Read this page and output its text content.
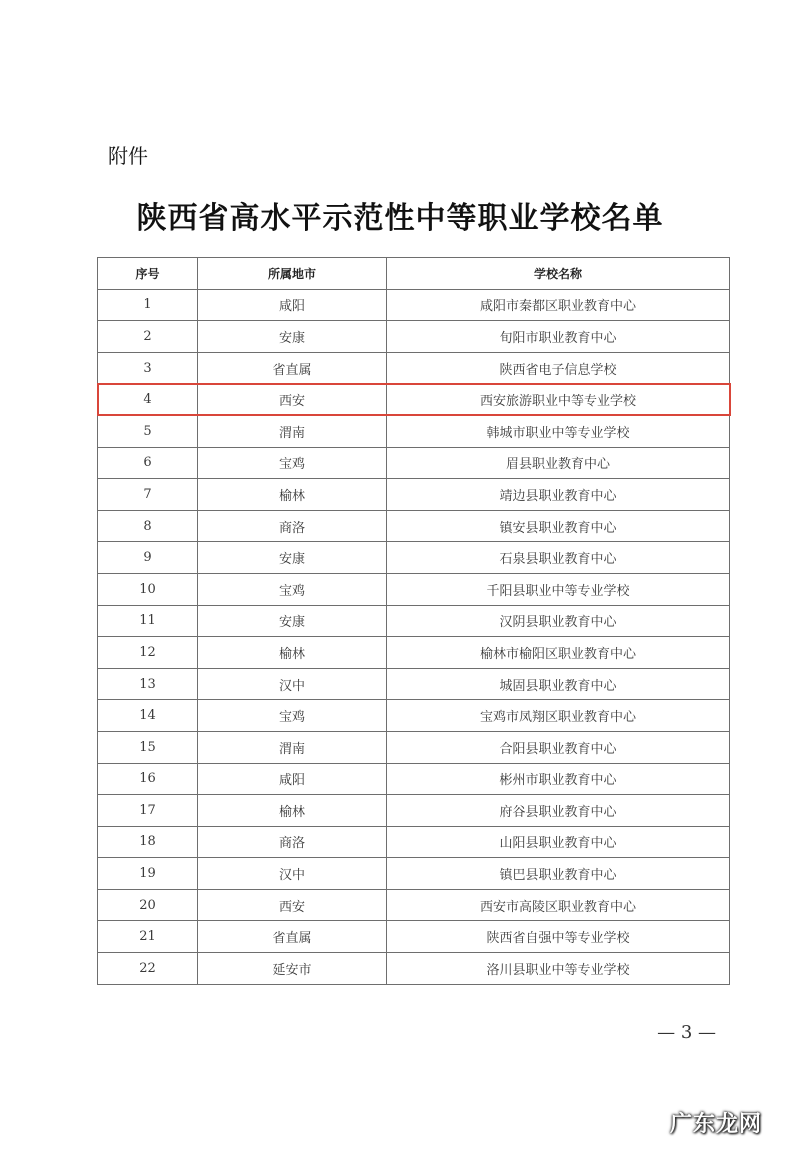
附件
陕西省高水平示范性中等职业学校名单
序号	所属地市	学校名称
1	咸阳	咸阳市秦都区职业教育中心
2	安康	旬阳市职业教育中心
3	省直属	陕西省电子信息学校
4	西安	西安旅游职业中等专业学校
5	渭南	韩城市职业中等专业学校
6	宝鸡	眉县职业教育中心
7	榆林	靖边县职业教育中心
8	商洛	镇安县职业教育中心
9	安康	石泉县职业教育中心
10	宝鸡	千阳县职业中等专业学校
11	安康	汉阴县职业教育中心
12	榆林	榆林市榆阳区职业教育中心
13	汉中	城固县职业教育中心
14	宝鸡	宝鸡市凤翔区职业教育中心
15	渭南	合阳县职业教育中心
16	咸阳	彬州市职业教育中心
17	榆林	府谷县职业教育中心
18	商洛	山阳县职业教育中心
19	汉中	镇巴县职业教育中心
20	西安	西安市高陵区职业教育中心
21	省直属	陕西省自强中等专业学校
22	延安市	洛川县职业中等专业学校
— 3 —
广东龙网
